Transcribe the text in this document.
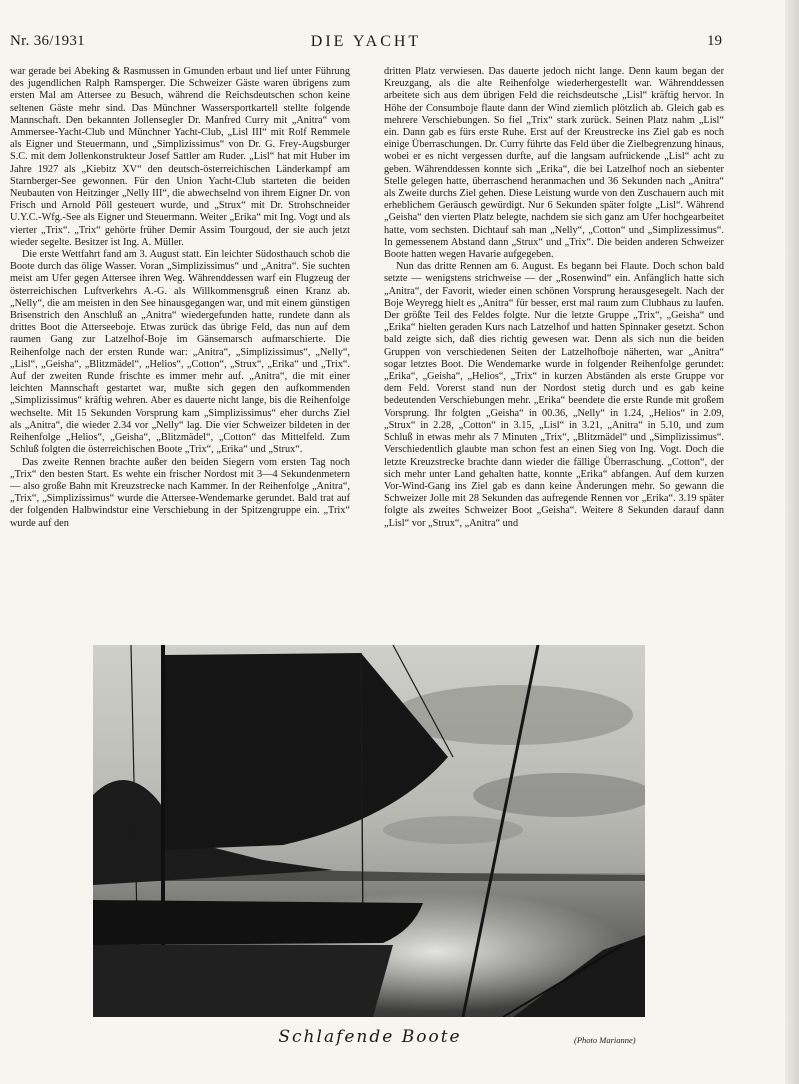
Nr. 36/1931	DIE YACHT	19

war gerade bei Abeking & Rasmussen in Gmunden erbaut und lief unter Führung des jugendlichen Ralph Ramsperger. Die Schweizer Gäste waren übrigens zum ersten Mal am Attersee zu Besuch, während die Reichsdeutschen schon keine seltenen Gäste mehr sind. Das Münchner Wassersportkartell stellte folgende Mannschaft. Den bekannten Jollensegler Dr. Manfred Curry mit „Anitra“ vom Ammersee-Yacht-Club und Münchner Yacht-Club, „Lisl III“ mit Rolf Remmele als Eigner und Steuermann, und „Simplizissimus“ von Dr. G. Frey-Augsburger S.C. mit dem Jollenkonstrukteur Josef Sattler am Ruder. „Lisl“ hat mit Huber im Jahre 1927 als „Kiebitz XV“ den deutsch-österreichischen Länderkampf am Starnberger-See gewonnen. Für den Union Yacht-Club starteten die beiden Neubauten von Heitzinger „Nelly III“, die abwechselnd von ihrem Eigner Dr. von Frisch und Arnold Pöll gesteuert wurde, und „Strux“ mit Dr. Strohschneider U.Y.C.-Wfg.-See als Eigner und Steuermann. Weiter „Erika“ mit Ing. Vogt und als vierter „Trix“. „Trix“ gehörte früher Demir Assim Tourgoud, der sie auch jetzt wieder segelte. Besitzer ist Ing. A. Müller.

Die erste Wettfahrt fand am 3. August statt. Ein leichter Südosthauch schob die Boote durch das ölige Wasser. Voran „Simplizissimus“ und „Anitra“. Sie suchten meist am Ufer gegen Attersee ihren Weg. Währenddessen warf ein Flugzeug der österreichischen Luftverkehrs A.-G. als Willkommensgruß einen Kranz ab. „Nelly“, die am meisten in den See hinausgegangen war, und mit einem günstigen Brisenstrich den Anschluß an „Anitra“ wiedergefunden hatte, rundete dann als drittes Boot die Atterseeboje. Etwas zurück das übrige Feld, das nun auf dem raumen Gang zur Latzelhof-Boje im Gänsemarsch aufmarschierte. Die Reihenfolge nach der ersten Runde war: „Anitra“, „Simplizissimus“, „Nelly“, „Lisl“, „Geisha“, „Blitzmädel“, „Helios“, „Cotton“, „Strux“, „Erika“ und „Trix“. Auf der zweiten Runde frischte es immer mehr auf. „Anitra“, die mit einer leichten Mannschaft gestartet war, mußte sich gegen den aufkommenden „Simplizissimus“ kräftig wehren. Aber es dauerte nicht lange, bis die Reihenfolge wechselte. Mit 15 Sekunden Vorsprung kam „Simplizissimus“ eher durchs Ziel als „Anitra“, die wieder 2.34 vor „Nelly“ lag. Die vier Schweizer bildeten in der Reihenfolge „Helios“, „Geisha“, „Blitzmädel“, „Cotton“ das Mittelfeld. Zum Schluß folgten die österreichischen Boote „Trix“, „Erika“ und „Strux“.

Das zweite Rennen brachte außer den beiden Siegern vom ersten Tag noch „Trix“ den besten Start. Es wehte ein frischer Nordost mit 3—4 Sekundenmetern — also große Bahn mit Kreuzstrecke nach Kammer. In der Reihenfolge „Anitra“, „Trix“, „Simplizissimus“ wurde die Attersee-Wendemarke gerundet. Bald trat auf der folgenden Halbwindstur eine Verschiebung in der Spitzengruppe ein. „Trix“ wurde auf den

dritten Platz verwiesen. Das dauerte jedoch nicht lange. Denn kaum began der Kreuzgang, als die alte Reihenfolge wiederhergestellt war. Währenddessen arbeitete sich aus dem übrigen Feld die reichsdeutsche „Lisl“ kräftig hervor. In Höhe der Consumboje flaute dann der Wind ziemlich plötzlich ab. Gleich gab es mehrere Verschiebungen. So fiel „Trix“ stark zurück. Seinen Platz nahm „Lisl“ ein. Dann gab es fürs erste Ruhe. Erst auf der Kreustrecke ins Ziel gab es noch einige Überraschungen. Dr. Curry führte das Feld über die Zielbegrenzung hinaus, wobei er es nicht vergessen durfte, auf die langsam aufrückende „Lisl“ acht zu geben. Währenddessen konnte sich „Erika“, die bei Latzelhof noch an siebenter Stelle gelegen hatte, überraschend heranmachen und 36 Sekunden nach „Anitra“ als Zweite durchs Ziel gehen. Diese Leistung wurde von den Zuschauern auch mit erheblichem Geräusch gewürdigt. Nur 6 Sekunden später folgte „Lisl“. Während „Geisha“ den vierten Platz belegte, nachdem sie sich ganz am Ufer hochgearbeitet hatte, vom sechsten. Dichtauf sah man „Nelly“, „Cotton“ und „Simplizessimus“. In gemessenem Abstand dann „Strux“ und „Trix“. Die beiden anderen Schweizer Boote hatten wegen Havarie aufgegeben.

Nun das dritte Rennen am 6. August. Es begann bei Flaute. Doch schon bald setzte — wenigstens strichweise — der „Rosenwind“ ein. Anfänglich hatte sich „Anitra“, der Favorit, wieder einen schönen Vorsprung herausgesegelt. Nach der Boje Weyregg hielt es „Anitra“ für besser, erst mal raum zum Clubhaus zu laufen. Der größte Teil des Feldes folgte. Nur die letzte Gruppe „Trix“, „Geisha“ und „Erika“ hielten geraden Kurs nach Latzelhof und hatten Spinnaker gesetzt. Schon bald zeigte sich, daß dies richtig gewesen war. Denn als sich nun die beiden Gruppen von verschiedenen Seiten der Latzelhofboje näherten, war „Anitra“ sogar letztes Boot. Die Wendemarke wurde in folgender Reihenfolge gerundet: „Erika“, „Geisha“, „Helios“, „Trix“ in kurzen Abständen als erste Gruppe vor dem Feld. Vorerst stand nun der Nordost stetig durch und es gab keine bedeutenden Verschiebungen mehr. „Erika“ beendete die erste Runde mit großem Vorsprung. Ihr folgten „Geisha“ in 00.36, „Nelly“ in 1.24, „Helios“ in 2.09, „Strux“ in 2.28, „Cotton“ in 3.15, „Lisl“ in 3.21, „Anitra“ in 5.10, und zum Schluß in etwas mehr als 7 Minuten „Trix“, „Blitzmädel“ und „Simplizissimus“. Verschiedentlich glaubte man schon fest an einen Sieg von Ing. Vogt. Doch die letzte Kreuzstrecke brachte dann wieder die fällige Überraschung. „Cotton“, der sich mehr unter Land gehalten hatte, konnte „Erika“ abfangen. Auf dem kurzen Vor-Wind-Gang ins Ziel gab es dann keine Änderungen mehr. So gewann die Schweizer Jolle mit 28 Sekunden das aufregende Rennen vor „Erika“. 3.19 später folgte als zweites Schweizer Boot „Geisha“. Weitere 8 Sekunden darauf dann „Lisl“ vor „Strux“, „Anitra“ und

Schlafende Boote	(Photo Marianne)
